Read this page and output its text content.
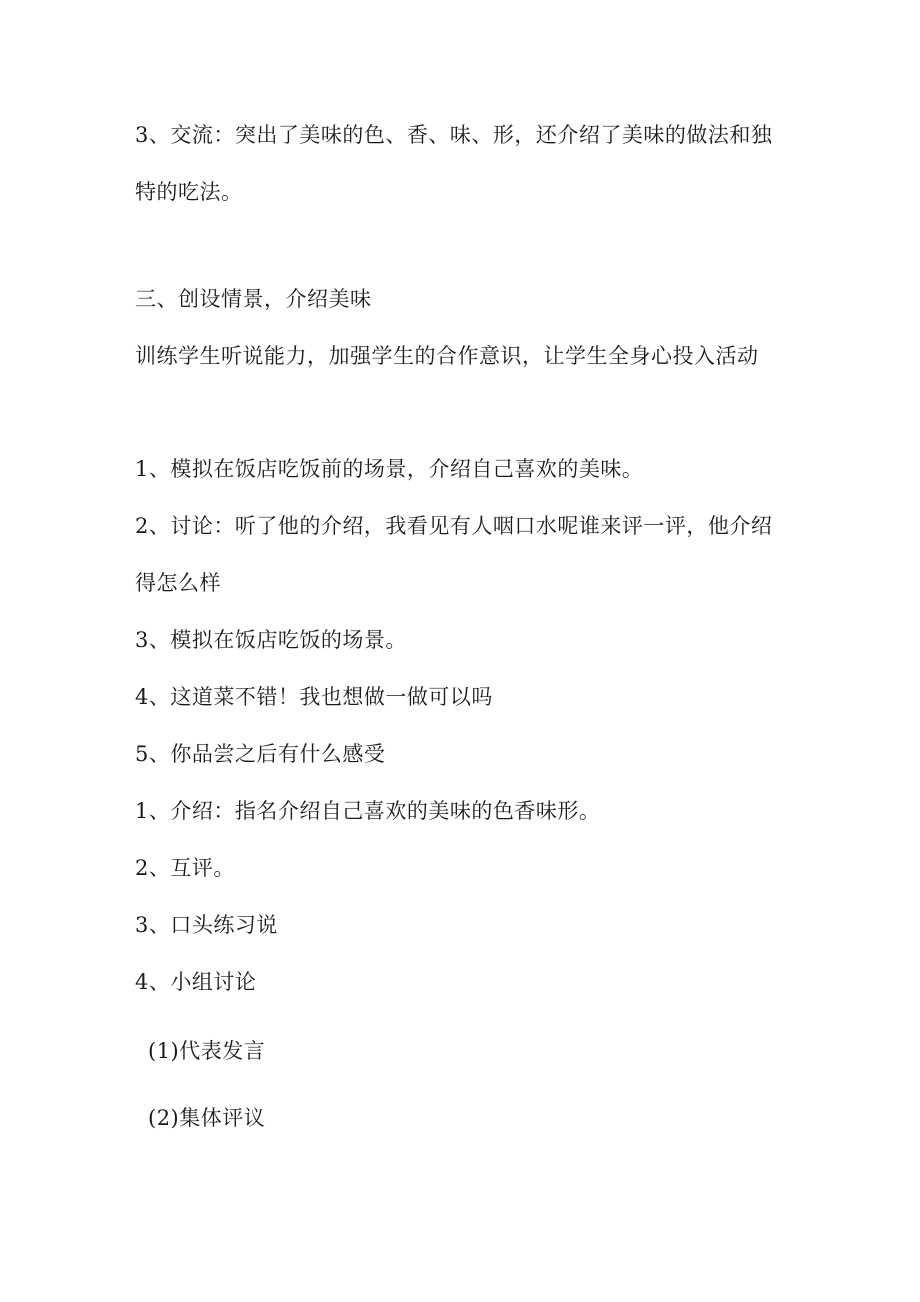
3、交流：突出了美味的色、香、味、形，还介绍了美味的做法和独
特的吃法。
三、创设情景，介绍美味
训练学生听说能力，加强学生的合作意识，让学生全身心投入活动
1、模拟在饭店吃饭前的场景，介绍自己喜欢的美味。
2、讨论：听了他的介绍，我看见有人咽口水呢谁来评一评，他介绍
得怎么样
3、模拟在饭店吃饭的场景。
4、这道菜不错！我也想做一做可以吗
5、你品尝之后有什么感受
1、介绍：指名介绍自己喜欢的美味的色香味形。
2、互评。
3、口头练习说
4、小组讨论
(1)代表发言
(2)集体评议
